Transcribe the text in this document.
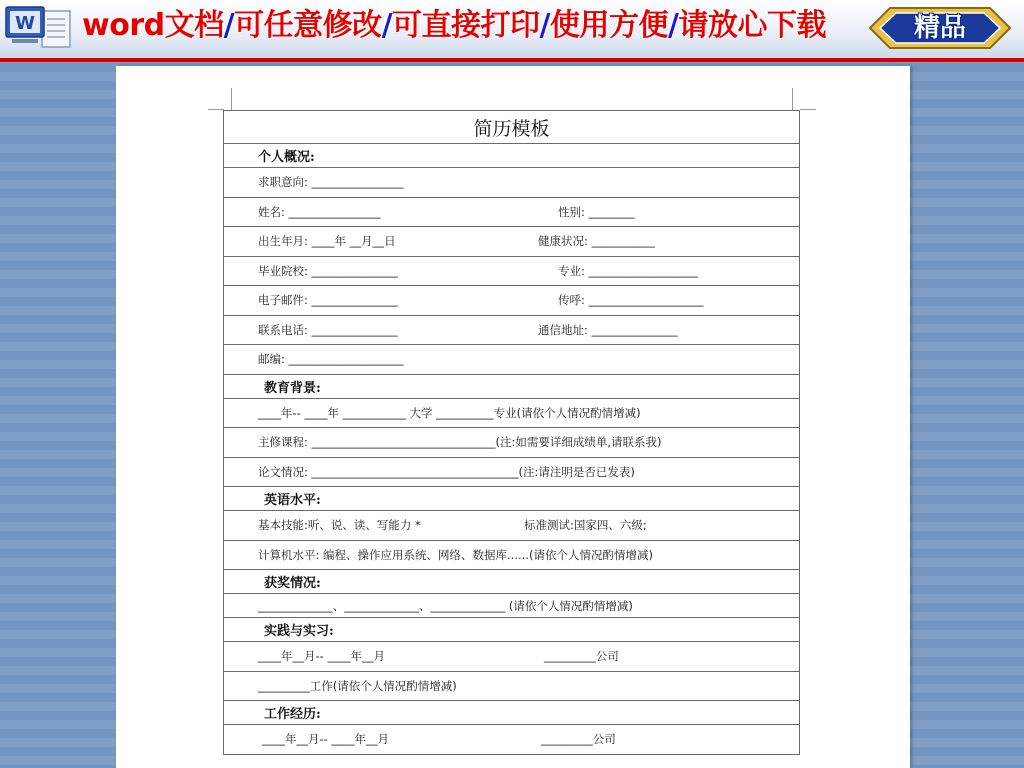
W word文档/可任意修改/可直接打印/使用方便/请放心下载	精品
简历模板
个人概况:
求职意向: ________________
姓名: ________________	性别: ________
出生年月: ____年 __月__日	健康状况: ___________
毕业院校: _______________	专业: ___________________
电子邮件: _______________	传呼: ____________________
联系电话: _______________	通信地址: _______________
邮编: ____________________
教育背景:
____年-- ____年 ___________ 大学 __________专业(请依个人情况酌情增减)
主修课程: ________________________________(注:如需要详细成绩单,请联系我)
论文情况: ____________________________________(注:请注明是否已发表)
英语水平:
基本技能:听、说、读、写能力 *	标准测试:国家四、六级;
计算机水平: 编程、操作应用系统、网络、数据库......(请依个人情况酌情增减)
获奖情况:
_____________、_____________、_____________ (请依个人情况酌情增减)
实践与实习:
____年__月-- ____年__月	_________公司
_________工作(请依个人情况酌情增减)
工作经历:
____年__月-- ____年__月	_________公司
